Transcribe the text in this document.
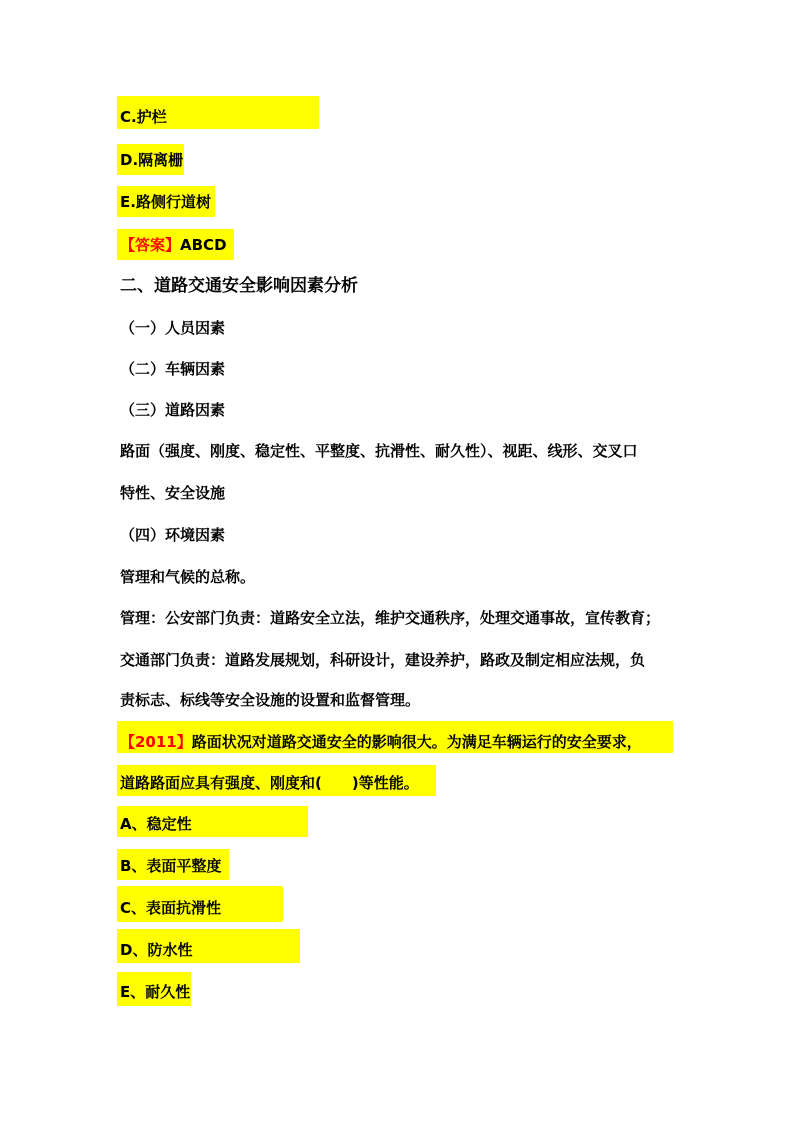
C.护栏
D.隔离栅
E.路侧行道树
【答案】ABCD
二、道路交通安全影响因素分析
（一）人员因素
（二）车辆因素
（三）道路因素
路面（强度、刚度、稳定性、平整度、抗滑性、耐久性）、视距、线形、交叉口
特性、安全设施
（四）环境因素
管理和气候的总称。
管理：公安部门负责：道路安全立法，维护交通秩序，处理交通事故，宣传教育；
交通部门负责：道路发展规划，科研设计，建设养护，路政及制定相应法规，负
责标志、标线等安全设施的设置和监督管理。
【2011】路面状况对道路交通安全的影响很大。为满足车辆运行的安全要求，
道路路面应具有强度、刚度和(　　)等性能。
A、稳定性
B、表面平整度
C、表面抗滑性
D、防水性
E、耐久性
